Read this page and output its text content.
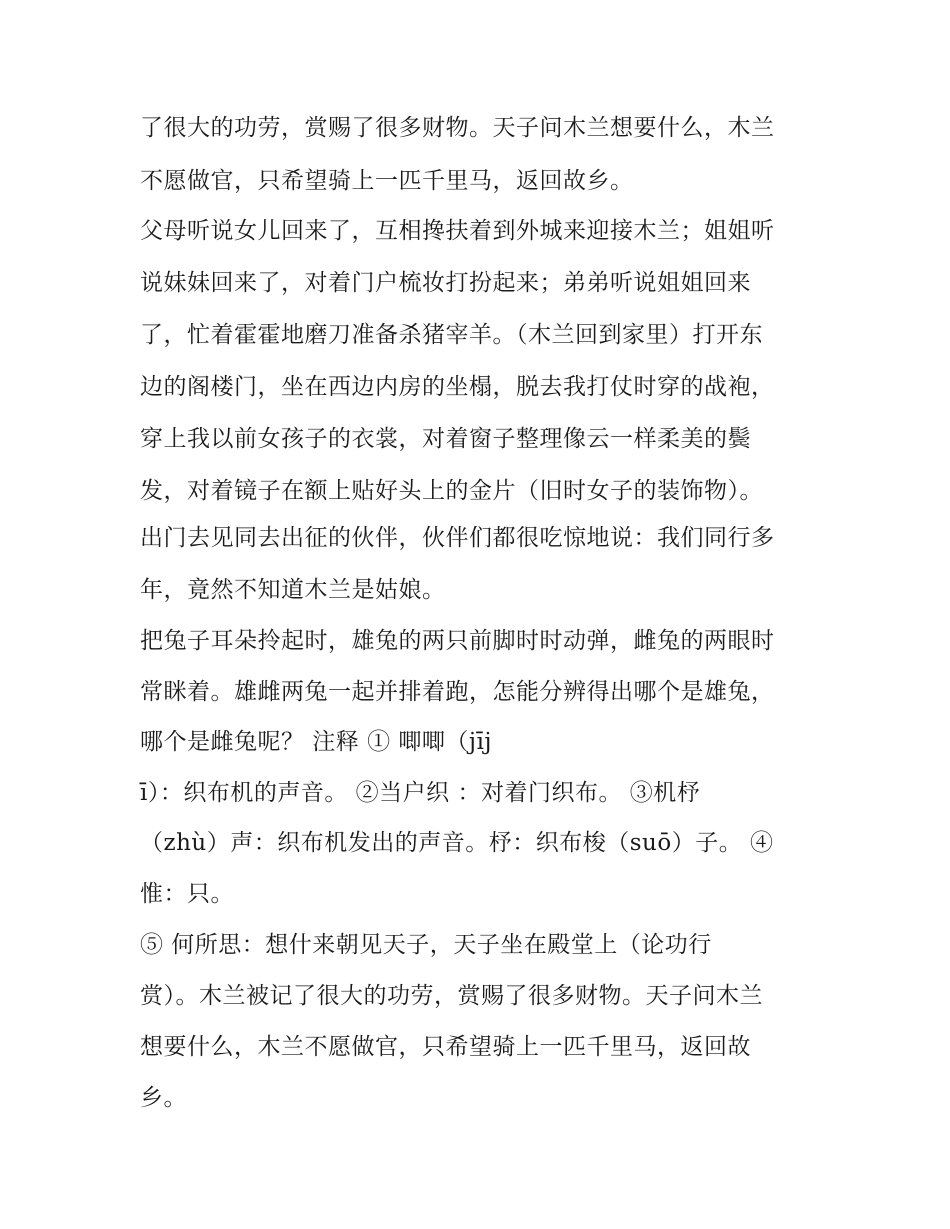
了很大的功劳，赏赐了很多财物。天子问木兰想要什么，木兰
不愿做官，只希望骑上一匹千里马，返回故乡。
父母听说女儿回来了，互相搀扶着到外城来迎接木兰；姐姐听
说妹妹回来了，对着门户梳妆打扮起来；弟弟听说姐姐回来
了，忙着霍霍地磨刀准备杀猪宰羊。（木兰回到家里）打开东
边的阁楼门，坐在西边内房的坐榻，脱去我打仗时穿的战袍，
穿上我以前女孩子的衣裳，对着窗子整理像云一样柔美的鬓
发，对着镜子在额上贴好头上的金片（旧时女子的装饰物）。
出门去见同去出征的伙伴，伙伴们都很吃惊地说：我们同行多
年，竟然不知道木兰是姑娘。
把兔子耳朵拎起时，雄兔的两只前脚时时动弹，雌兔的两眼时
常眯着。雄雌两兔一起并排着跑，怎能分辨得出哪个是雄兔，
哪个是雌兔呢？ 注释 ① 唧唧（jīj
ī）：织布机的声音。 ②当户织 ：对着门织布。 ③机杼
（zhù）声：织布机发出的声音。杼：织布梭（suō）子。 ④
惟：只。
⑤ 何所思：想什来朝见天子，天子坐在殿堂上（论功行
赏）。木兰被记了很大的功劳，赏赐了很多财物。天子问木兰
想要什么，木兰不愿做官，只希望骑上一匹千里马，返回故
乡。
